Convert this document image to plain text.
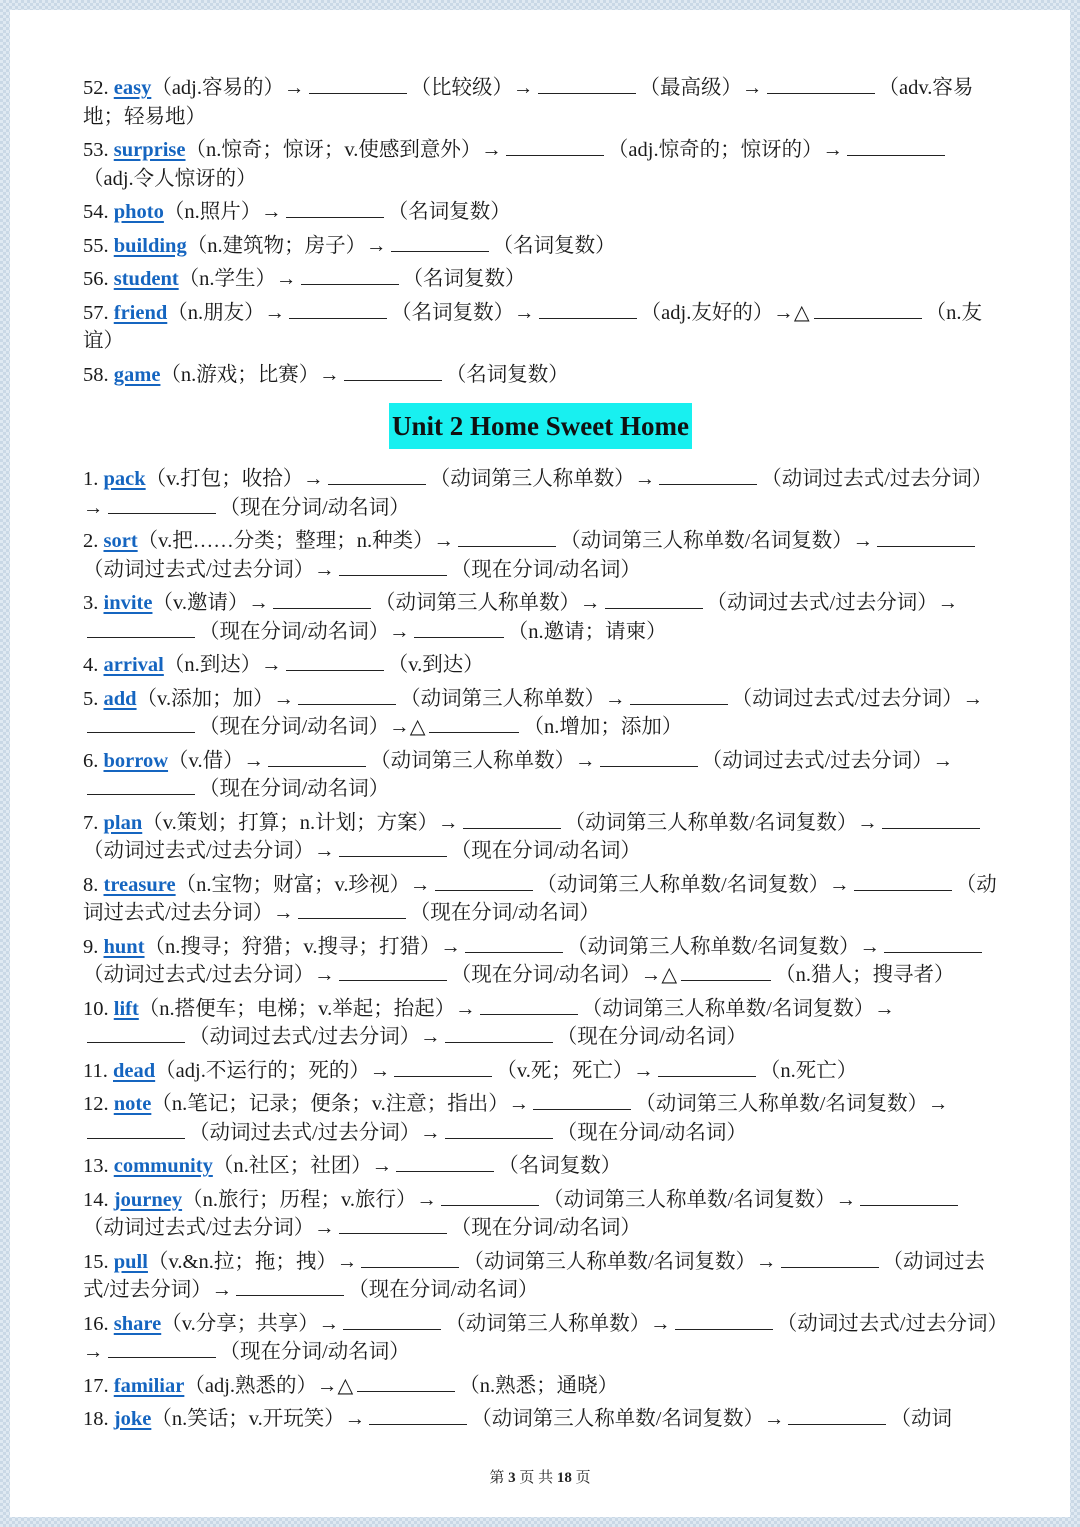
52. easy（adj.容易的）→	（比较级）→	（最高级）→	（adv.容易地；轻易地）
53. surprise（n.惊奇；惊讶；v.使感到意外）→	（adj.惊奇的；惊讶的）→（adj.令人惊讶的）
54. photo（n.照片）→	（名词复数）
55. building（n.建筑物；房子）→	（名词复数）
56. student（n.学生）→	（名词复数）
57. friend（n.朋友）→	（名词复数）→	（adj.友好的）→△	（n.友谊）
58. game（n.游戏；比赛）→	（名词复数）
Unit 2 Home Sweet Home
1. pack（v.打包；收拾）→	（动词第三人称单数）→	（动词过去式/过去分词）→	（现在分词/动名词）
2. sort（v.把……分类；整理；n.种类）→	（动词第三人称单数/名词复数）→（动词过去式/过去分词）→	（现在分词/动名词）
3. invite（v.邀请）→	（动词第三人称单数）→	（动词过去式/过去分词）→（现在分词/动名词）→	（n.邀请；请柬）
4. arrival（n.到达）→	（v.到达）
5. add（v.添加；加）→	（动词第三人称单数）→	（动词过去式/过去分词）→（现在分词/动名词）→△	（n.增加；添加）
6. borrow（v.借）→	（动词第三人称单数）→	（动词过去式/过去分词）→（现在分词/动名词）
7. plan（v.策划；打算；n.计划；方案）→	（动词第三人称单数/名词复数）→（动词过去式/过去分词）→	（现在分词/动名词）
8. treasure（n.宝物；财富；v.珍视）→	（动词第三人称单数/名词复数）→	（动词过去式/过去分词）→	（现在分词/动名词）
9. hunt（n.搜寻；狩猎；v.搜寻；打猎）→	（动词第三人称单数/名词复数）→（动词过去式/过去分词）→	（现在分词/动名词）→△	（n.猎人；搜寻者）
10. lift（n.搭便车；电梯；v.举起；抬起）→	（动词第三人称单数/名词复数）→（动词过去式/过去分词）→	（现在分词/动名词）
11. dead（adj.不运行的；死的）→	（v.死；死亡）→	（n.死亡）
12. note（n.笔记；记录；便条；v.注意；指出）→	（动词第三人称单数/名词复数）→（动词过去式/过去分词）→	（现在分词/动名词）
13. community（n.社区；社团）→	（名词复数）
14. journey（n.旅行；历程；v.旅行）→	（动词第三人称单数/名词复数）→（动词过去式/过去分词）→	（现在分词/动名词）
15. pull（v.&n.拉；拖；拽）→	（动词第三人称单数/名词复数）→	（动词过去式/过去分词）→	（现在分词/动名词）
16. share（v.分享；共享）→	（动词第三人称单数）→	（动词过去式/过去分词）→	（现在分词/动名词）
17. familiar（adj.熟悉的）→△	（n.熟悉；通晓）
18. joke（n.笑话；v.开玩笑）→	（动词第三人称单数/名词复数）→	（动词
第 3 页 共 18 页
